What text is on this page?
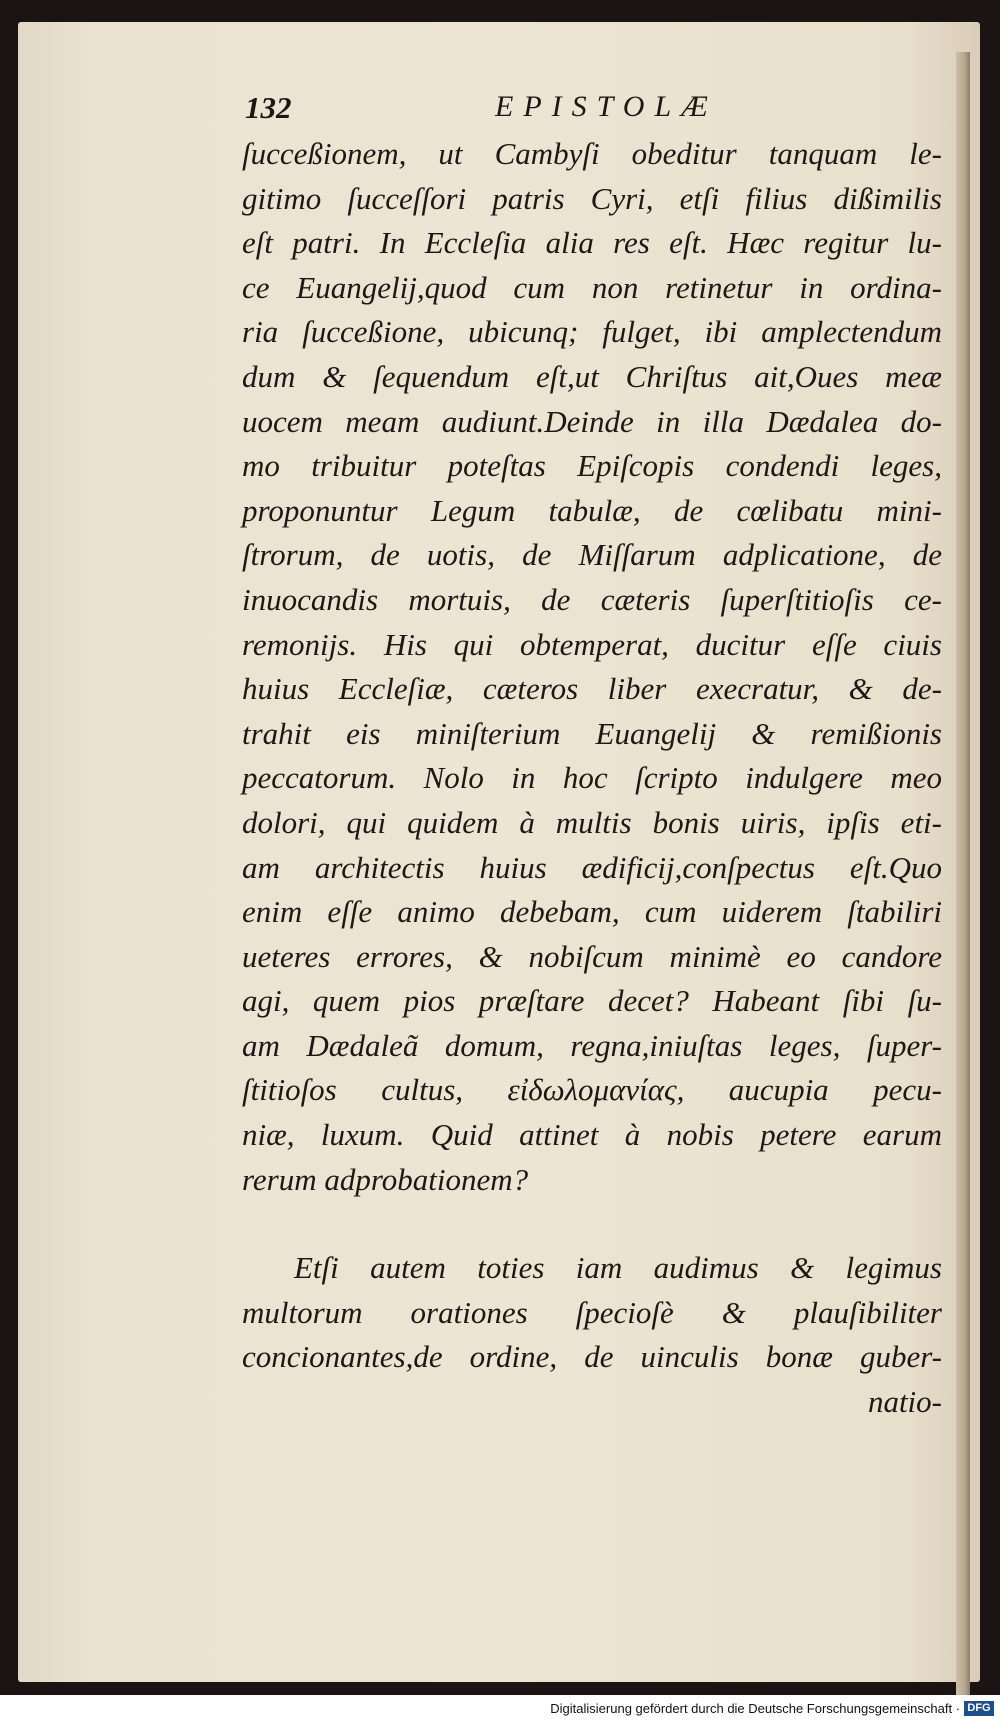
132	EPISTOLÆ
ſucceßionem, ut Cambyſi obeditur tanquam le-
gitimo ſucceſſori patris Cyri, etſi filius dißimilis
eſt patri. In Eccleſia alia res eſt. Hæc regitur lu-
ce Euangelij,quod cum non retinetur in ordina-
ria ſucceßione, ubicunq; fulget, ibi amplectendum
dum & ſequendum eſt,ut Chriſtus ait,Oues meæ
uocem meam audiunt.Deinde in illa Dædalea do-
mo tribuitur poteſtas Epiſcopis condendi leges,
proponuntur Legum tabulæ, de cœlibatu mini-
ſtrorum, de uotis, de Miſſarum adplicatione, de
inuocandis mortuis, de cæteris ſuperſtitioſis ce-
remonijs. His qui obtemperat, ducitur eſſe ciuis
huius Eccleſiæ, cæteros liber execratur, & de-
trahit eis miniſterium Euangelij & remißionis
peccatorum. Nolo in hoc ſcripto indulgere meo
dolori, qui quidem à multis bonis uiris, ipſis eti-
am architectis huius ædificij,conſpectus eſt.Quo
enim eſſe animo debebam, cum uiderem ſtabiliri
ueteres errores, & nobiſcum minimè eo candore
agi, quem pios præſtare decet? Habeant ſibi ſu-
am Dædaleã domum, regna,iniuſtas leges, ſuper-
ſtitioſos cultus, εἰδωλομανίας, aucupia pecu-
niæ, luxum. Quid attinet à nobis petere earum
rerum adprobationem?
Etſi autem toties iam audimus & legimus
multorum orationes ſpecioſè & plauſibiliter
concionantes,de ordine, de uinculis bonæ guber-
natio-
Digitalisierung gefördert durch die Deutsche Forschungsgemeinschaft · DFG
